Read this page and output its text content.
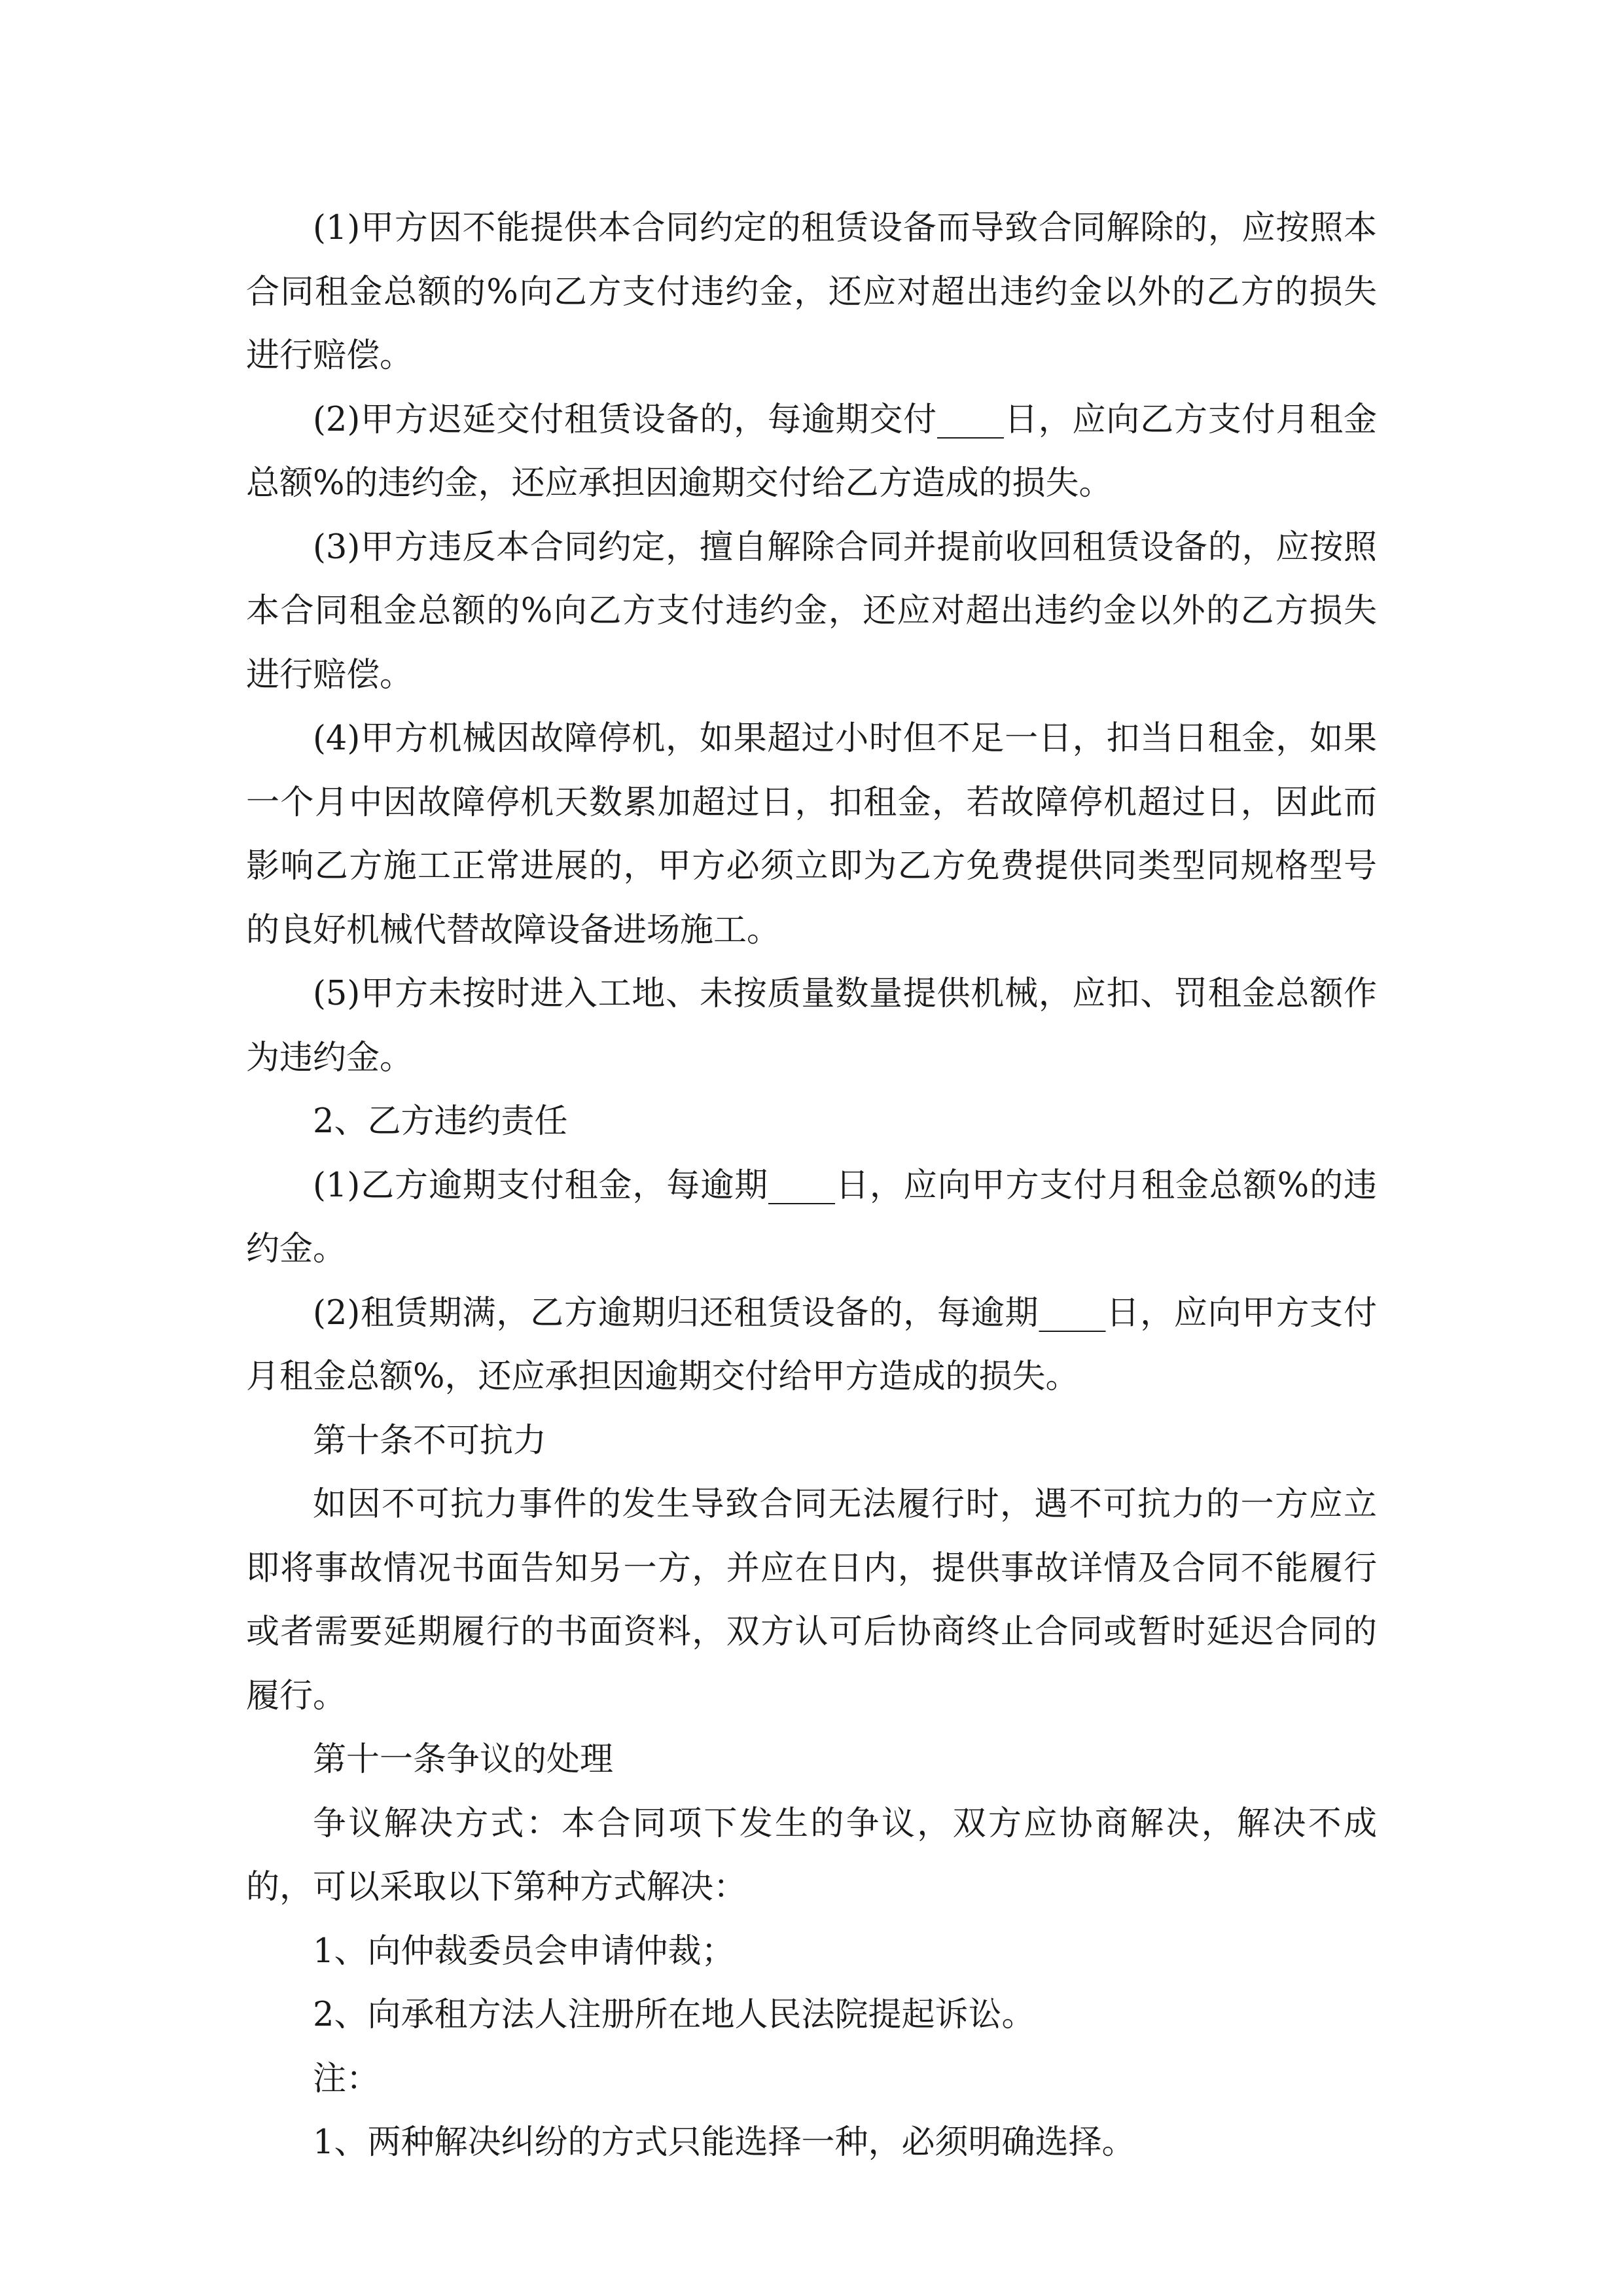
(1)甲方因不能提供本合同约定的租赁设备而导致合同解除的，应按照本合同租金总额的%向乙方支付违约金，还应对超出违约金以外的乙方的损失进行赔偿。

(2)甲方迟延交付租赁设备的，每逾期交付____日，应向乙方支付月租金总额%的违约金，还应承担因逾期交付给乙方造成的损失。

(3)甲方违反本合同约定，擅自解除合同并提前收回租赁设备的，应按照本合同租金总额的%向乙方支付违约金，还应对超出违约金以外的乙方损失进行赔偿。

(4)甲方机械因故障停机，如果超过小时但不足一日，扣当日租金，如果一个月中因故障停机天数累加超过日，扣租金，若故障停机超过日，因此而影响乙方施工正常进展的，甲方必须立即为乙方免费提供同类型同规格型号的良好机械代替故障设备进场施工。

(5)甲方未按时进入工地、未按质量数量提供机械，应扣、罚租金总额作为违约金。

2、乙方违约责任

(1)乙方逾期支付租金，每逾期____日，应向甲方支付月租金总额%的违约金。

(2)租赁期满，乙方逾期归还租赁设备的，每逾期____日，应向甲方支付月租金总额%，还应承担因逾期交付给甲方造成的损失。

第十条不可抗力

如因不可抗力事件的发生导致合同无法履行时，遇不可抗力的一方应立即将事故情况书面告知另一方，并应在日内，提供事故详情及合同不能履行或者需要延期履行的书面资料，双方认可后协商终止合同或暂时延迟合同的履行。

第十一条争议的处理

争议解决方式：本合同项下发生的争议，双方应协商解决，解决不成的，可以采取以下第种方式解决：

1、向仲裁委员会申请仲裁；

2、向承租方法人注册所在地人民法院提起诉讼。

注：

1、两种解决纠纷的方式只能选择一种，必须明确选择。
